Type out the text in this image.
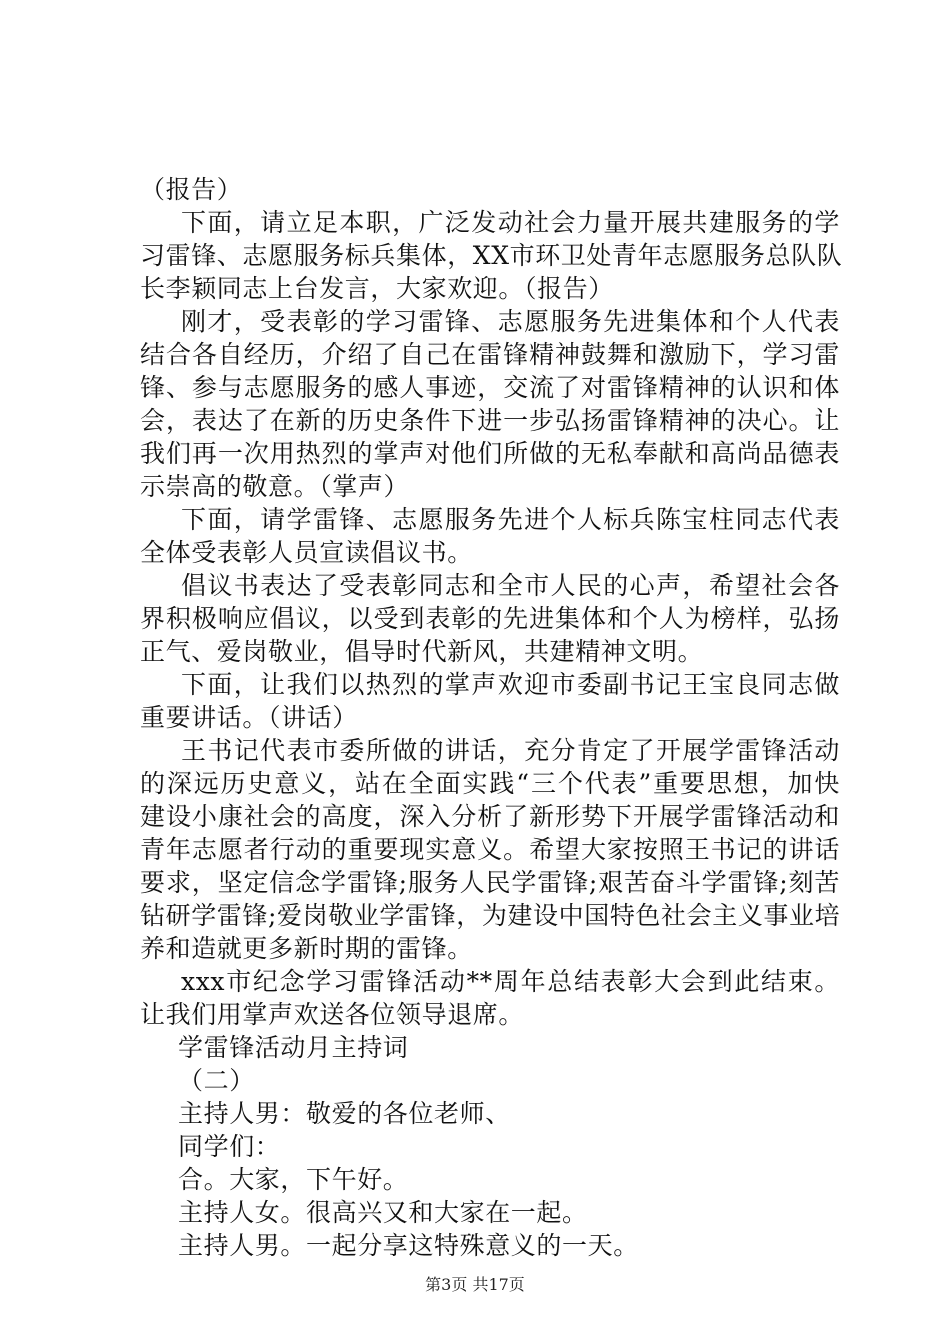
（报告）
下面，请立足本职，广泛发动社会力量开展共建服务的学
习雷锋、志愿服务标兵集体，XX市环卫处青年志愿服务总队队
长李颖同志上台发言，大家欢迎。（报告）
刚才，受表彰的学习雷锋、志愿服务先进集体和个人代表
结合各自经历，介绍了自己在雷锋精神鼓舞和激励下，学习雷
锋、参与志愿服务的感人事迹，交流了对雷锋精神的认识和体
会，表达了在新的历史条件下进一步弘扬雷锋精神的决心。让
我们再一次用热烈的掌声对他们所做的无私奉献和高尚品德表
示崇高的敬意。（掌声）
下面，请学雷锋、志愿服务先进个人标兵陈宝柱同志代表
全体受表彰人员宣读倡议书。
倡议书表达了受表彰同志和全市人民的心声，希望社会各
界积极响应倡议，以受到表彰的先进集体和个人为榜样，弘扬
正气、爱岗敬业，倡导时代新风，共建精神文明。
下面，让我们以热烈的掌声欢迎市委副书记王宝良同志做
重要讲话。（讲话）
王书记代表市委所做的讲话，充分肯定了开展学雷锋活动
的深远历史意义，站在全面实践“三个代表”重要思想，加快
建设小康社会的高度，深入分析了新形势下开展学雷锋活动和
青年志愿者行动的重要现实意义。希望大家按照王书记的讲话
要求，坚定信念学雷锋;服务人民学雷锋;艰苦奋斗学雷锋;刻苦
钻研学雷锋;爱岗敬业学雷锋，为建设中国特色社会主义事业培
养和造就更多新时期的雷锋。
xxx市纪念学习雷锋活动**周年总结表彰大会到此结束。
让我们用掌声欢送各位领导退席。
学雷锋活动月主持词
（二）
主持人男：敬爱的各位老师、
同学们：
合。大家，下午好。
主持人女。很高兴又和大家在一起。
主持人男。一起分享这特殊意义的一天。
第3页 共17页
